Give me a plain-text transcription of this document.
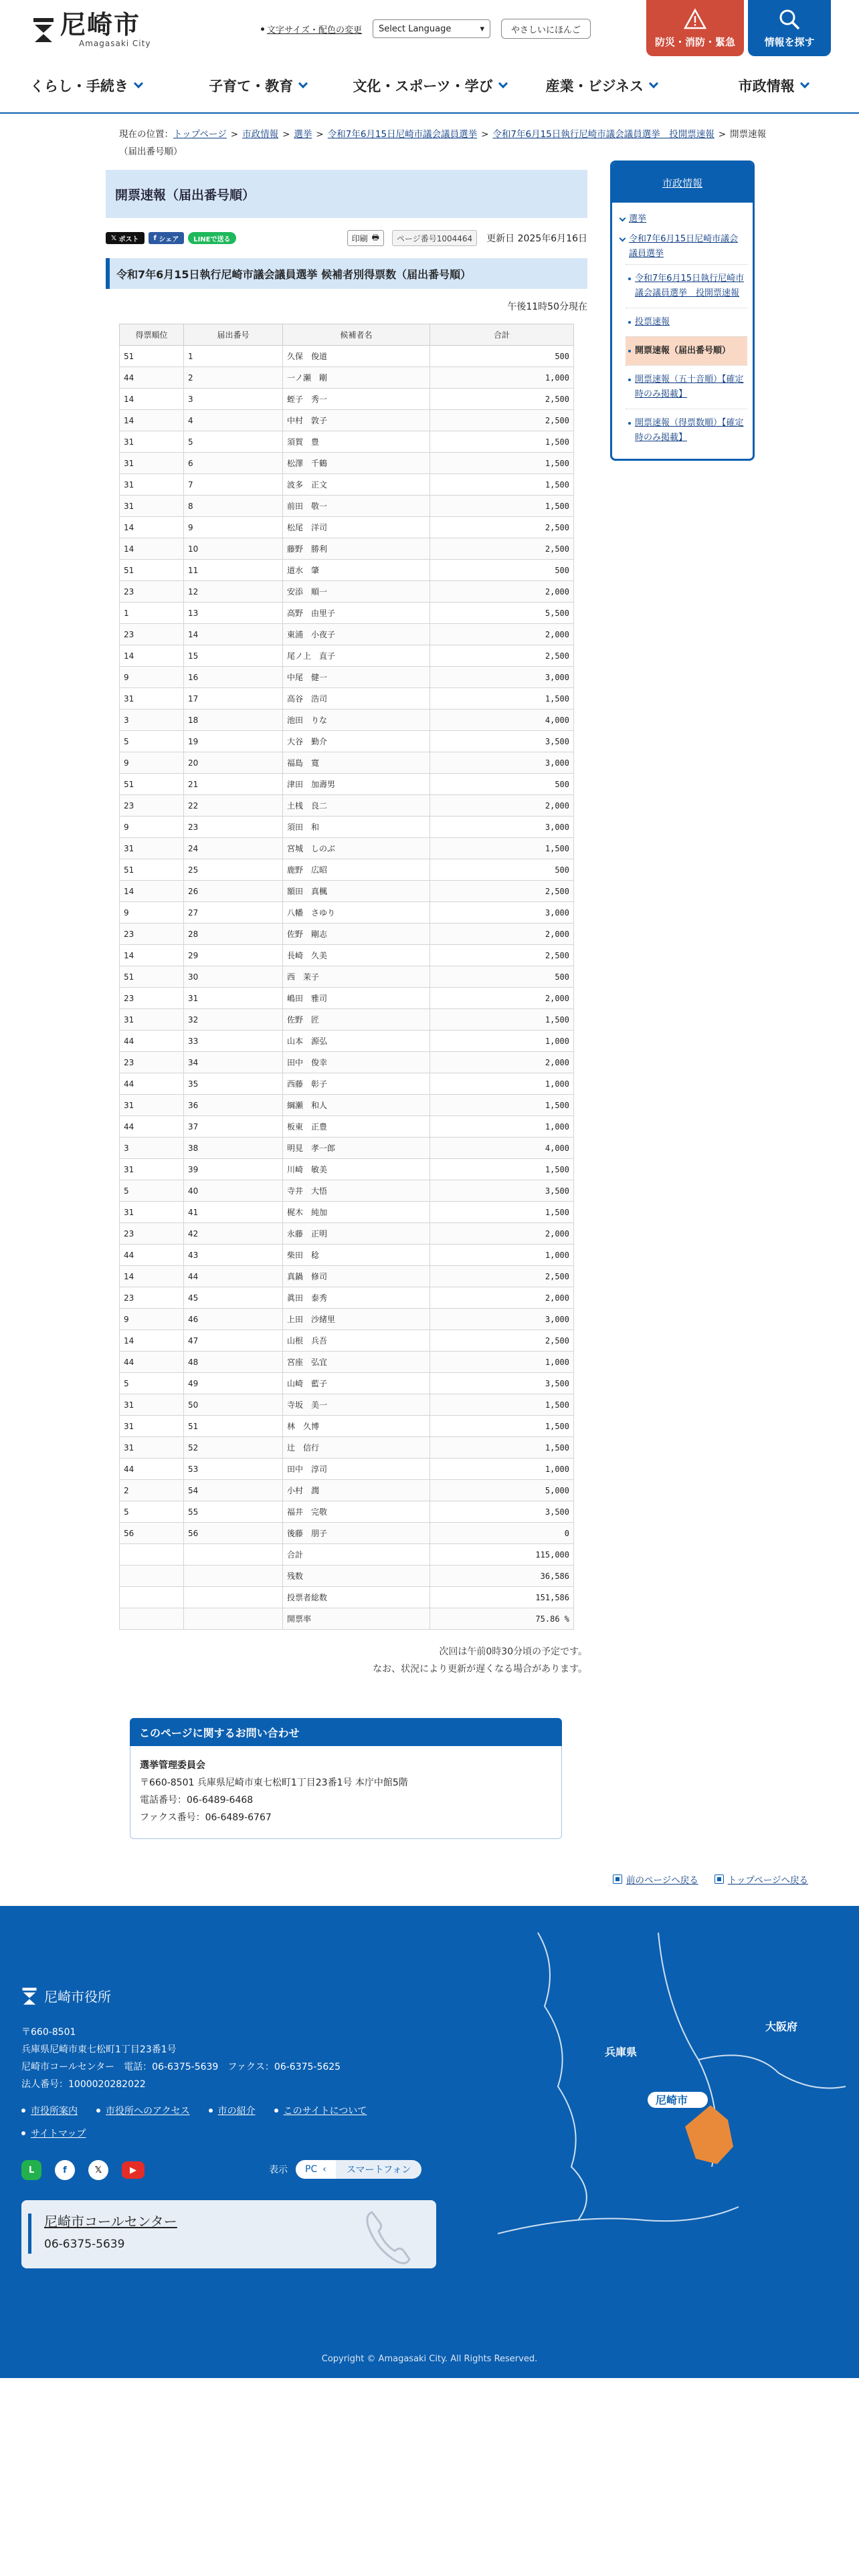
尼崎市
Amagasaki City
文字サイズ・配色の変更 Select Language	▾	やさしいにほんご
防災・消防・緊急	情報を探す
くらし・手続き	子育て・教育	文化・スポーツ・学び	産業・ビジネス	市政情報
現在の位置：トップページ > 市政情報 > 選挙 > 令和7年6月15日尼崎市議会議員選挙 > 令和7年6月15日執行尼崎市議会議員選挙　投開票速報 > 開票速報（届出番号順）
開票速報（届出番号順）
𝕏 ポスト	f シェア	LINEで送る	印刷 🖶	ページ番号1004464	更新日 2025年6月16日
令和7年6月15日執行尼崎市議会議員選挙 候補者別得票数（届出番号順）
午後11時50分現在
得票順位	届出番号	候補者名	合計
51	1	久保　俊道	500
44	2	一ノ瀬　剛	1,000
14	3	蛭子　秀一	2,500
14	4	中村　敦子	2,500
31	5	須賀　豊	1,500
31	6	松澤　千鶴	1,500
31	7	波多　正文	1,500
31	8	前田　敬一	1,500
14	9	松尾　洋司	2,500
14	10	藤野　勝利	2,500
51	11	道水　肇	500
23	12	安添　順一	2,000
1	13	高野　由里子	5,500
23	14	東浦　小夜子	2,000
14	15	尾ノ上　直子	2,500
9	16	中尾　健一	3,000
31	17	高谷　浩司	1,500
3	18	池田　りな	4,000
5	19	大谷　勤介	3,500
9	20	福島　寛	3,000
51	21	津田　加壽男	500
23	22	土桟　良二	2,000
9	23	須田　和	3,000
31	24	宮城　しのぶ	1,500
51	25	鹿野　広昭	500
14	26	額田　真楓	2,500
9	27	八幡　さゆり	3,000
23	28	佐野　剛志	2,000
14	29	長崎　久美	2,500
51	30	西　茉子	500
23	31	嶋田　雅司	2,000
31	32	佐野　匠	1,500
44	33	山本　源弘	1,000
23	34	田中　俊幸	2,000
44	35	西藤　彰子	1,000
31	36	綱瀬　和人	1,500
44	37	板東　正豊	1,000
3	38	明見　孝一郎	4,000
31	39	川崎　敏美	1,500
5	40	寺井　大悟	3,500
31	41	梶木　純加	1,500
23	42	永藤　正明	2,000
44	43	柴田　稔	1,000
14	44	真鍋　修司	2,500
23	45	眞田　泰秀	2,000
9	46	上田　沙緒里	3,000
14	47	山根　兵吾	2,500
44	48	宮座　弘宜	1,000
5	49	山崎　藍子	3,500
31	50	寺坂　美一	1,500
31	51	林　久博	1,500
31	52	辻　信行	1,500
44	53	田中　淳司	1,000
2	54	小村　潤	5,000
5	55	福井　完敬	3,500
56	56	後藤　朋子	0
		合計	115,000
		残数	36,586
		投票者総数	151,586
		開票率	75.86 %
次回は午前0時30分頃の予定です。
なお、状況により更新が遅くなる場合があります。
このページに関するお問い合わせ
選挙管理委員会
〒660-8501 兵庫県尼崎市東七松町1丁目23番1号 本庁中館5階
電話番号：06-6489-6468
ファクス番号：06-6489-6767
市政情報
選挙
令和7年6月15日尼崎市議会議員選挙
令和7年6月15日執行尼崎市議会議員選挙　投開票速報
投票速報
開票速報（届出番号順）
開票速報（五十音順）【確定時のみ掲載】
開票速報（得票数順）【確定時のみ掲載】
前のページへ戻る	トップページへ戻る
尼崎市役所
〒660-8501
兵庫県尼崎市東七松町1丁目23番1号
尼崎市コールセンター　電話：06-6375-5639　ファクス：06-6375-5625
法人番号：1000020282022
市役所案内	市役所へのアクセス	市の紹介	このサイトについて
サイトマップ
L	f	𝕏	▶	表示 PC ‹	スマートフォン
尼崎市コールセンター
06-6375-5639
兵庫県
大阪府
尼崎市
Copyright © Amagasaki City. All Rights Reserved.
